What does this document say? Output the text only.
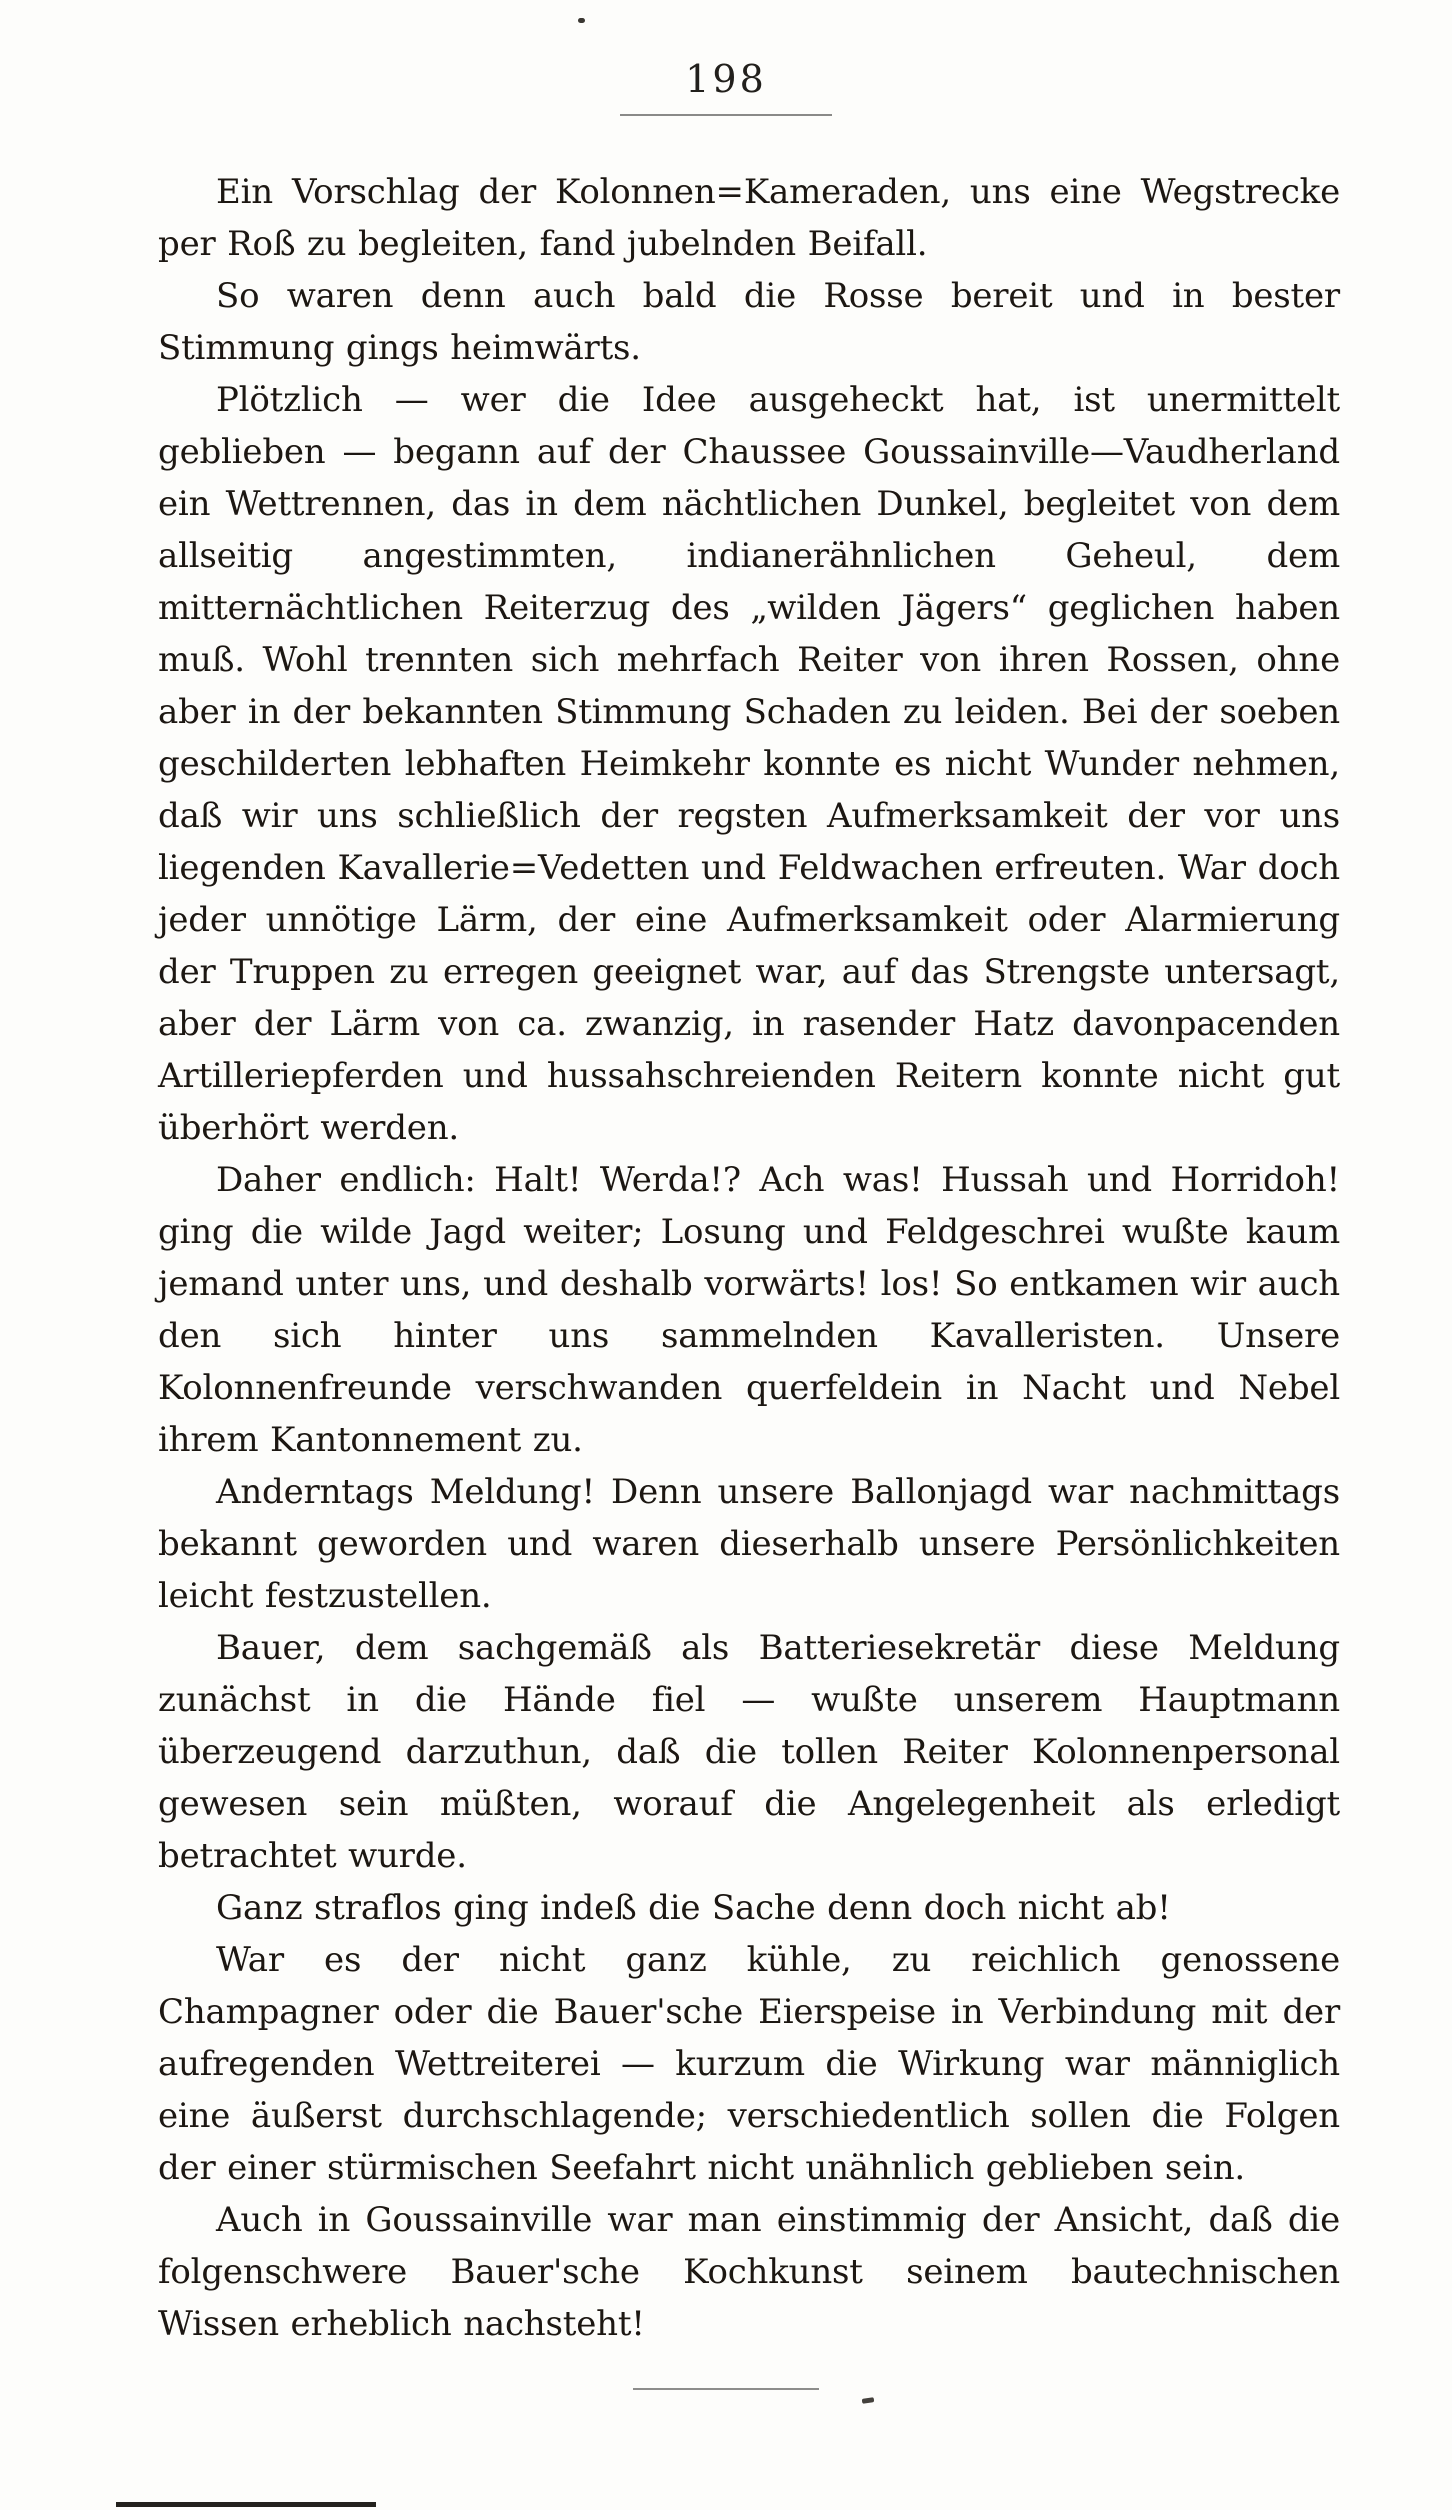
198

Ein Vorschlag der Kolonnen=Kameraden, uns eine Wegstrecke per Roß zu begleiten, fand jubelnden Beifall.

So waren denn auch bald die Rosse bereit und in bester Stimmung gings heimwärts.

Plötzlich — wer die Idee ausgeheckt hat, ist unermittelt geblieben — begann auf der Chaussee Goussainville—Vaudherland ein Wettrennen, das in dem nächtlichen Dunkel, begleitet von dem allseitig angestimmten, indianerähnlichen Geheul, dem mitternächtlichen Reiterzug des „wilden Jägers“ geglichen haben muß. Wohl trennten sich mehrfach Reiter von ihren Rossen, ohne aber in der bekannten Stimmung Schaden zu leiden. Bei der soeben geschilderten lebhaften Heimkehr konnte es nicht Wunder nehmen, daß wir uns schließlich der regsten Aufmerksamkeit der vor uns liegenden Kavallerie=Vedetten und Feldwachen erfreuten. War doch jeder unnötige Lärm, der eine Aufmerksamkeit oder Alarmierung der Truppen zu erregen geeignet war, auf das Strengste untersagt, aber der Lärm von ca. zwanzig, in rasender Hatz davonpacenden Artilleriepferden und hussahschreienden Reitern konnte nicht gut überhört werden.

Daher endlich: Halt! Werda!? Ach was! Hussah und Horridoh! ging die wilde Jagd weiter; Losung und Feldgeschrei wußte kaum jemand unter uns, und deshalb vorwärts! los! So entkamen wir auch den sich hinter uns sammelnden Kavalleristen. Unsere Kolonnenfreunde verschwanden querfeldein in Nacht und Nebel ihrem Kantonnement zu.

Anderntags Meldung! Denn unsere Ballonjagd war nachmittags bekannt geworden und waren dieserhalb unsere Persönlichkeiten leicht festzustellen.

Bauer, dem sachgemäß als Batteriesekretär diese Meldung zunächst in die Hände fiel — wußte unserem Hauptmann überzeugend darzuthun, daß die tollen Reiter Kolonnenpersonal gewesen sein müßten, worauf die Angelegenheit als erledigt betrachtet wurde.

Ganz straflos ging indeß die Sache denn doch nicht ab!

War es der nicht ganz kühle, zu reichlich genossene Champagner oder die Bauer'sche Eierspeise in Verbindung mit der aufregenden Wettreiterei — kurzum die Wirkung war männiglich eine äußerst durchschlagende; verschiedentlich sollen die Folgen der einer stürmischen Seefahrt nicht unähnlich geblieben sein.

Auch in Goussainville war man einstimmig der Ansicht, daß die folgenschwere Bauer'sche Kochkunst seinem bautechnischen Wissen erheblich nachsteht!
